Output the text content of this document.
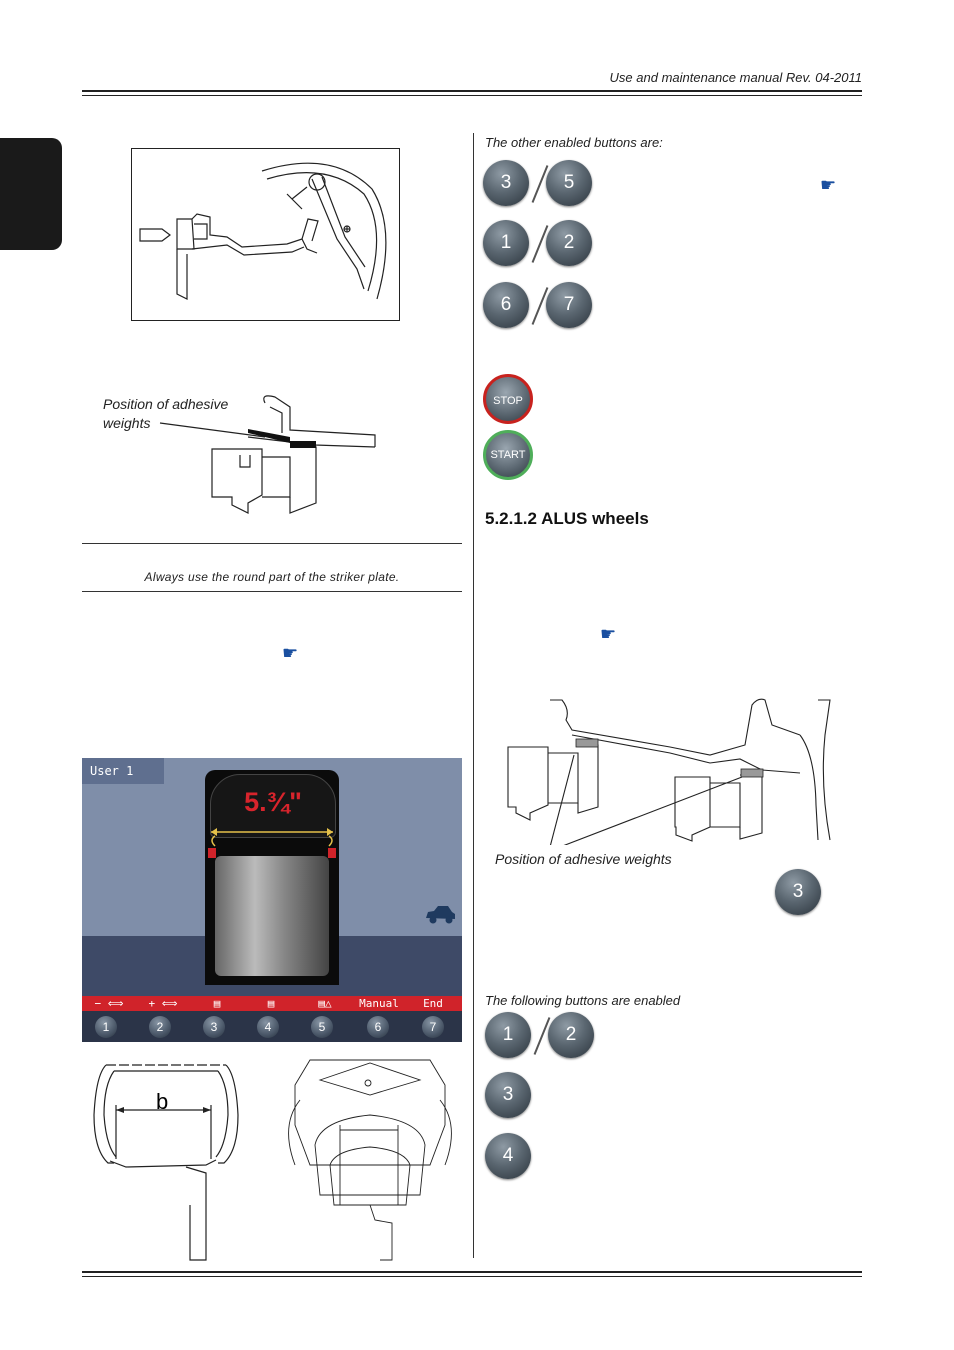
Use and maintenance manual Rev. 04-2011
Position of adhesive weights
Always use the round part of the striker plate.
☛
User 1
5.¾"
− ⟺	+ ⟺	▤	▤	▤△	Manual	End
1	2	3	4	5	6	7
b
The other enabled buttons are:
3	5	☛
1	2
6	7
STOP
START
5.2.1.2 ALUS wheels
☛
Position of adhesive weights
3
The following buttons are enabled
1	2
3
4
